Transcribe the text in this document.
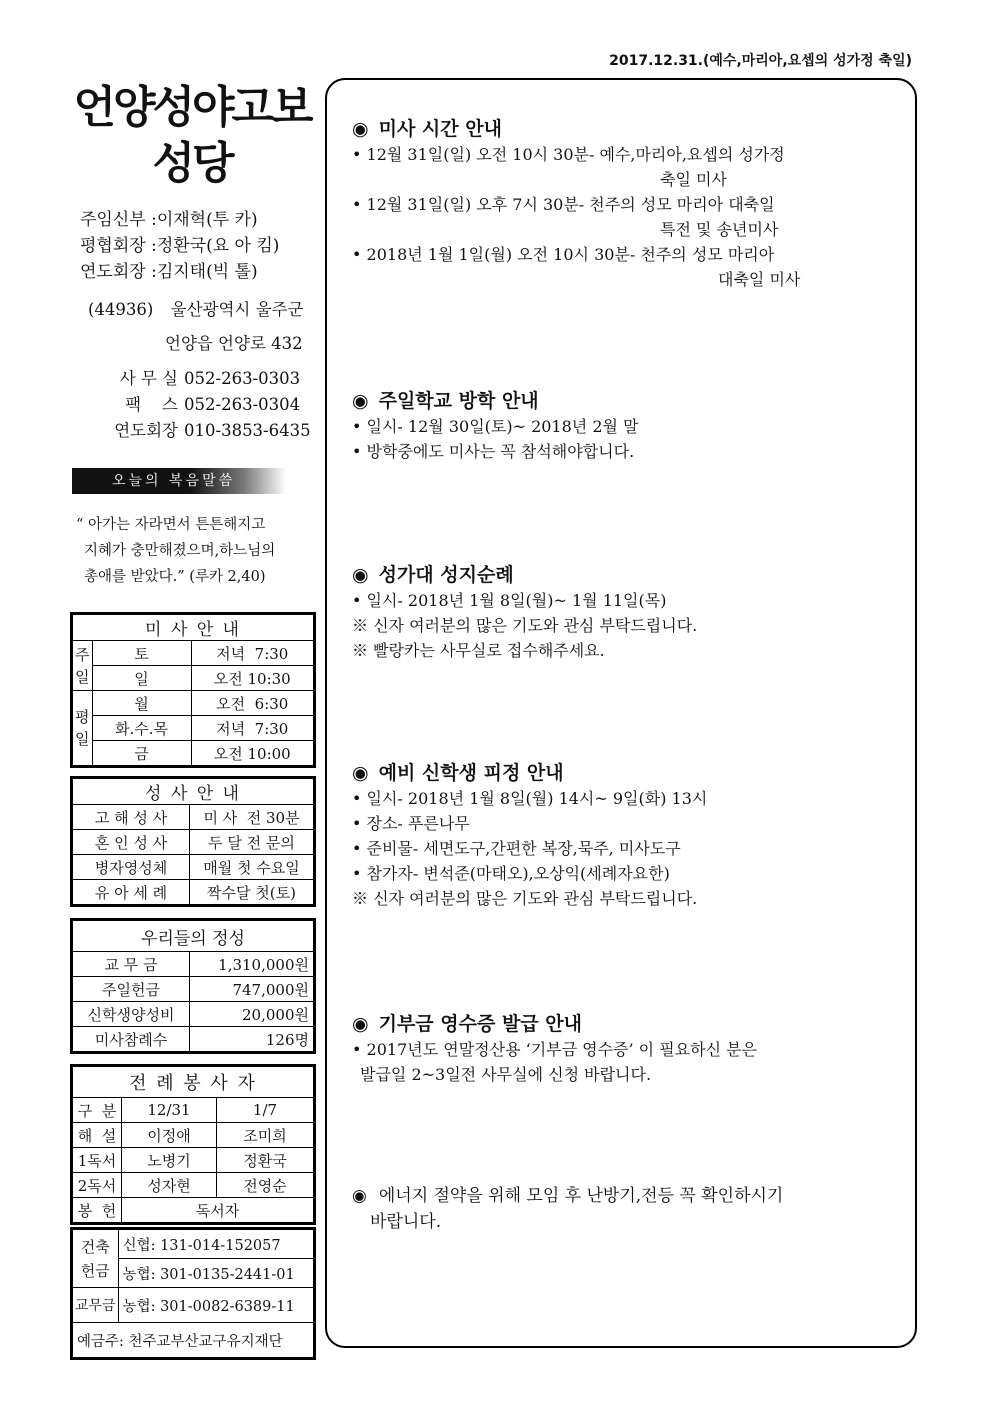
2017.12.31.(예수,마리아,요셉의 성가정 축일)
언양성야고보
성당
주임신부 :이재혁(투 카)
평협회장 :정환국(요 아 킴)
연도회장 :김지태(빅 톨)
(44936) 울산광역시 울주군
언양읍 언양로 432
사 무 실 052-263-0303
팩    스 052-263-0304
연도회장 010-3853-6435
오늘의 복음말씀
“ 아가는 자라면서 튼튼해지고
지혜가 충만해졌으며,하느님의
총애를 받았다.” (루카 2,40)
미 사 안 내		
주일	토	저녁  7:30
	일	오전 10:30
평일	월	오전  6:30
	화.수.목	저녁  7:30
	금	오전 10:00
성 사 안 내	
고 해 성 사	미 사  전 30분
혼 인 성 사	두 달 전 문의
병자영성체	매월 첫 수요일
유 아 세 례	짝수달 첫(토)
우리들의 정성	
교 무 금	1,310,000원
주일헌금	747,000원
신학생양성비	20,000원
미사참례수	126명
전 례 봉 사 자		
구  분	12/31	1/7
해  설	이정애	조미희
1독서	노병기	정환국
2독서	성자현	전영순
봉  헌	독서자	
건축헌금	신협: 131-014-152057
	농협: 301-0135-2441-01
교무금	농협: 301-0082-6389-11
예금주: 천주교부산교구유지재단	
◉ 미사 시간 안내
• 12월 31일(일) 오전 10시 30분- 예수,마리아,요셉의 성가정
축일 미사
• 12월 31일(일) 오후 7시 30분- 천주의 성모 마리아 대축일
특전 및 송년미사
• 2018년 1월 1일(월) 오전 10시 30분- 천주의 성모 마리아
대축일 미사
◉ 주일학교 방학 안내
• 일시- 12월 30일(토)~ 2018년 2월 말
• 방학중에도 미사는 꼭 참석해야합니다.
◉ 성가대 성지순례
• 일시- 2018년 1월 8일(월)~ 1월 11일(목)
※ 신자 여러분의 많은 기도와 관심 부탁드립니다.
※ 빨랑카는 사무실로 접수해주세요.
◉ 예비 신학생 피정 안내
• 일시- 2018년 1월 8일(월) 14시~ 9일(화) 13시
• 장소- 푸른나무
• 준비물- 세면도구,간편한 복장,묵주, 미사도구
• 참가자- 변석준(마태오),오상익(세례자요한)
※ 신자 여러분의 많은 기도와 관심 부탁드립니다.
◉ 기부금 영수증 발급 안내
• 2017년도 연말정산용 ‘기부금 영수증’ 이 필요하신 분은
발급일 2~3일전 사무실에 신청 바랍니다.
◉ 에너지 절약을 위해 모임 후 난방기,전등 꼭 확인하시기
바랍니다.
